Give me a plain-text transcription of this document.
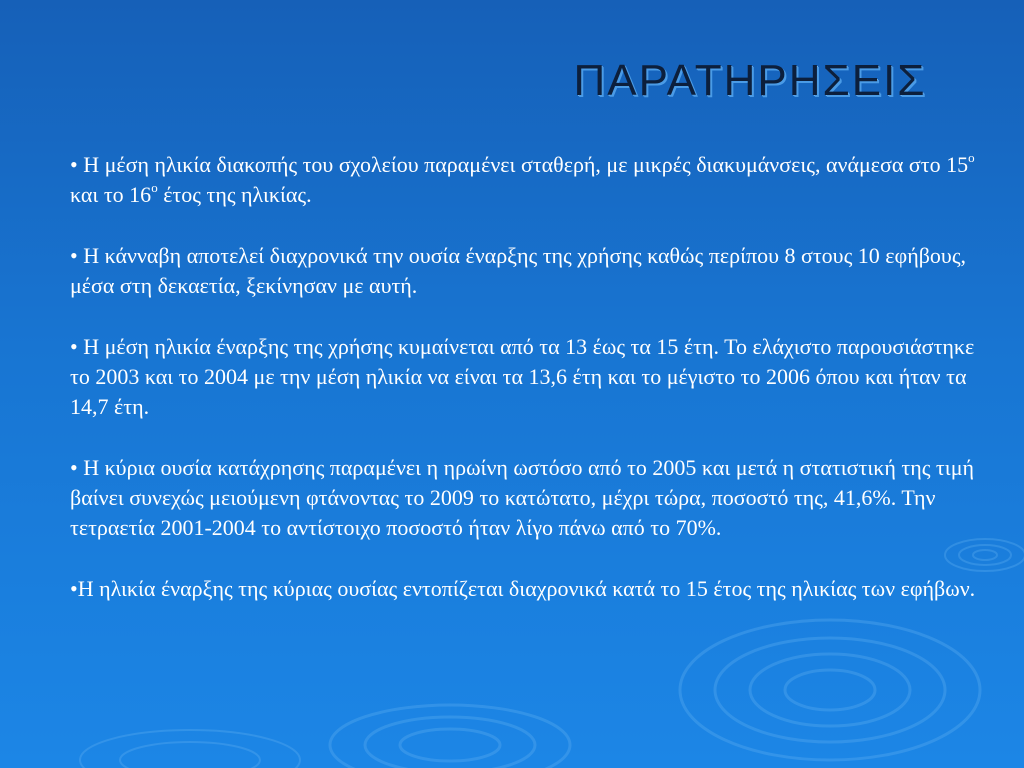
ΠΑΡΑΤΗΡΗΣΕΙΣ

• Η μέση ηλικία διακοπής του σχολείου παραμένει σταθερή, με μικρές διακυμάνσεις, ανάμεσα στο $15^o$ και το $16^o$ έτος της ηλικίας.

• Η κάνναβη αποτελεί διαχρονικά την ουσία έναρξης της χρήσης καθώς περίπου 8 στους 10 εφήβους, μέσα στη δεκαετία, ξεκίνησαν με αυτή.

• Η μέση ηλικία έναρξης της χρήσης κυμαίνεται από τα 13 έως τα 15 έτη. Το ελάχιστο παρουσιάστηκε το 2003 και το 2004 με την μέση ηλικία να είναι τα 13,6 έτη και το μέγιστο το 2006 όπου και ήταν τα 14,7 έτη.

• Η κύρια ουσία κατάχρησης παραμένει η ηρωίνη ωστόσο από το 2005 και μετά η στατιστική της τιμή βαίνει συνεχώς μειούμενη φτάνοντας το 2009 το κατώτατο, μέχρι τώρα, ποσοστό της, 41,6%. Την τετραετία 2001-2004 το αντίστοιχο ποσοστό ήταν λίγο πάνω από το 70%.

•Η ηλικία έναρξης της κύριας ουσίας εντοπίζεται διαχρονικά κατά το 15 έτος της ηλικίας των εφήβων.
